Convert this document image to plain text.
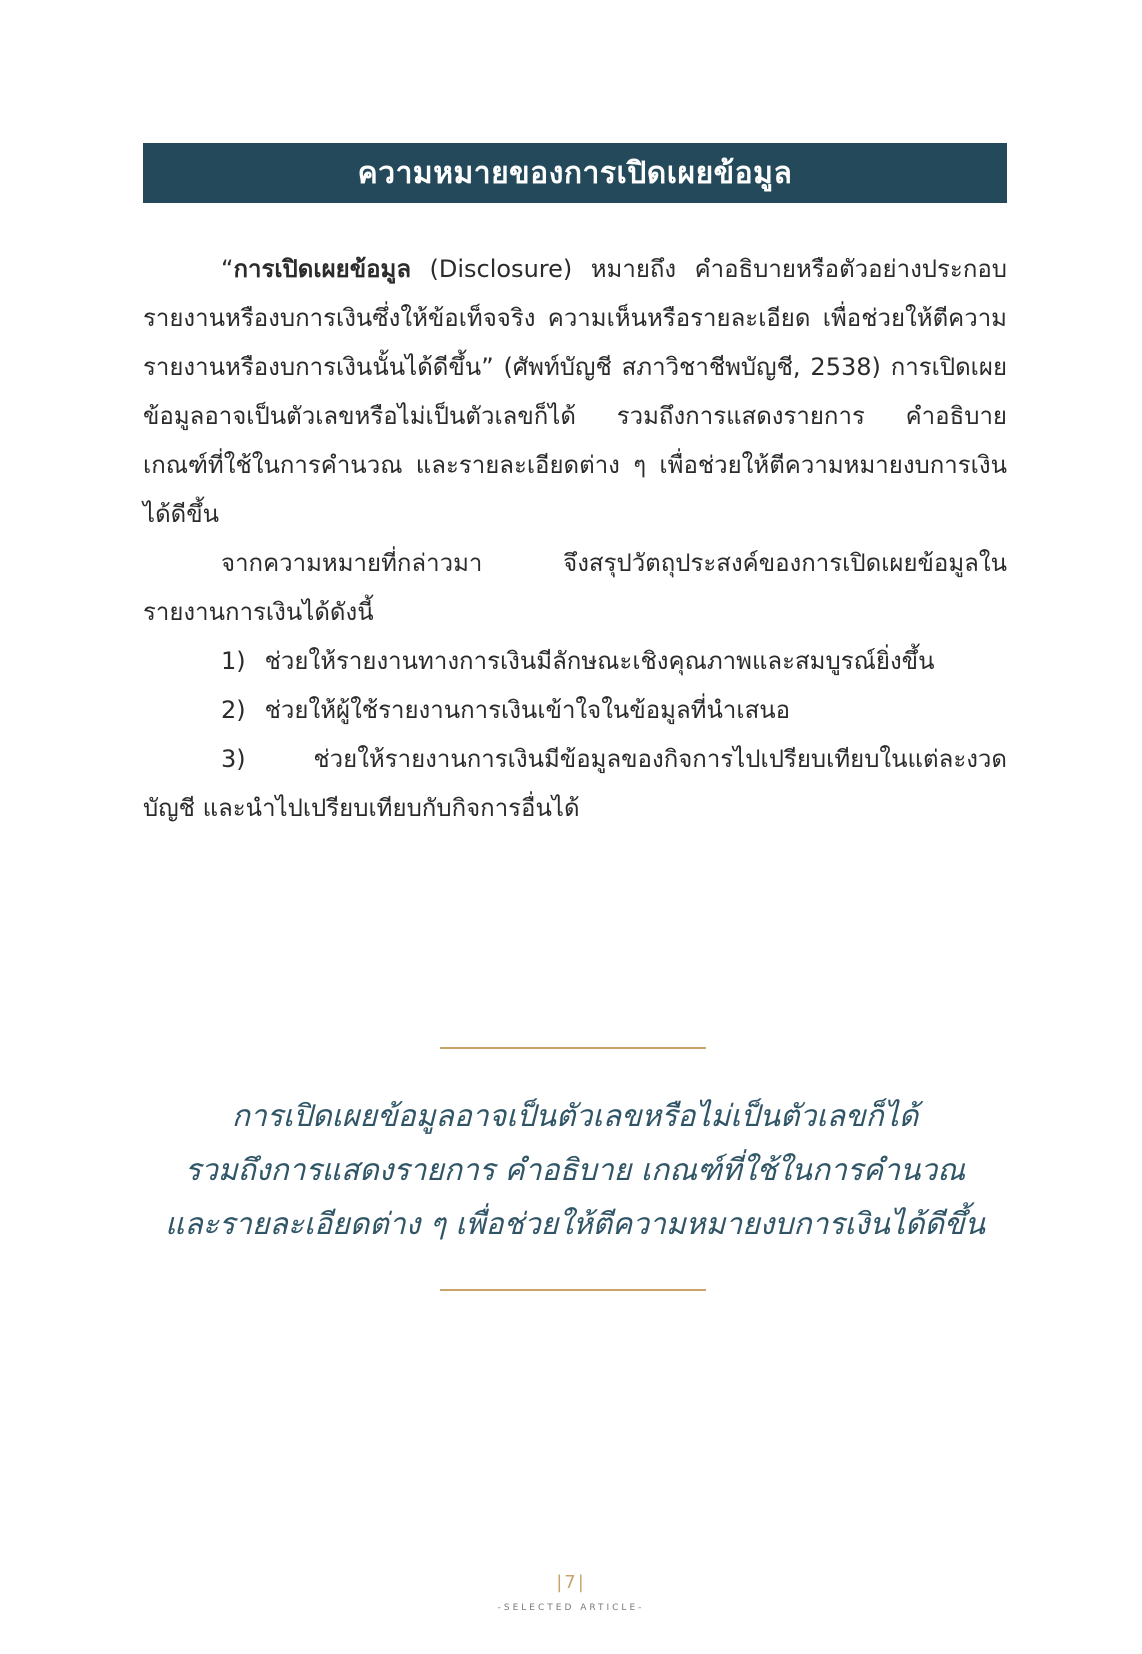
ความหมายของการเปิดเผยข้อมูล

“การเปิดเผยข้อมูล (Disclosure) หมายถึง คำอธิบายหรือตัวอย่างประกอบรายงานหรืองบการเงินซึ่งให้ข้อเท็จจริง ความเห็นหรือรายละเอียด เพื่อช่วยให้ตีความรายงานหรืองบการเงินนั้นได้ดีขึ้น” (ศัพท์บัญชี สภาวิชาชีพบัญชี, 2538) การเปิดเผยข้อมูลอาจเป็นตัวเลขหรือไม่เป็นตัวเลขก็ได้ รวมถึงการแสดงรายการ คำอธิบาย เกณฑ์ที่ใช้ในการคำนวณ และรายละเอียดต่าง ๆ เพื่อช่วยให้ตีความหมายงบการเงินได้ดีขึ้น

จากความหมายที่กล่าวมา จึงสรุปวัตถุประสงค์ของการเปิดเผยข้อมูลในรายงานการเงินได้ดังนี้

1) ช่วยให้รายงานทางการเงินมีลักษณะเชิงคุณภาพและสมบูรณ์ยิ่งขึ้น

2) ช่วยให้ผู้ใช้รายงานการเงินเข้าใจในข้อมูลที่นำเสนอ

3)	ช่วยให้รายงานการเงินมีข้อมูลของกิจการไปเปรียบเทียบในแต่ละงวดบัญชี และนำไปเปรียบเทียบกับกิจการอื่นได้

การเปิดเผยข้อมูลอาจเป็นตัวเลขหรือไม่เป็นตัวเลขก็ได้
รวมถึงการแสดงรายการ คำอธิบาย เกณฑ์ที่ใช้ในการคำนวณ
และรายละเอียดต่าง ๆ เพื่อช่วยให้ตีความหมายงบการเงินได้ดีขึ้น
|7|
-SELECTED ARTICLE-
